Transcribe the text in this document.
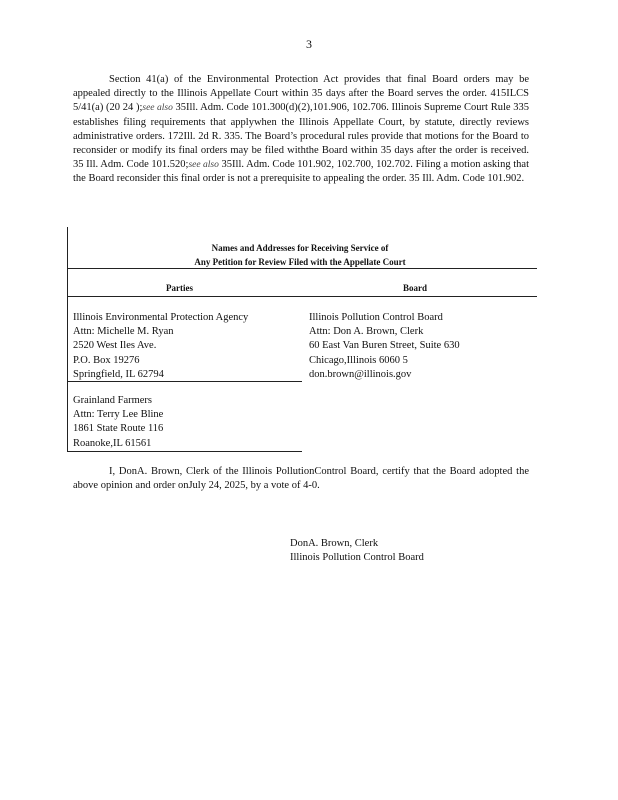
3
Section 41(a) of the Environmental Protection Act provides that final Board orders may be appealed directly to the Illinois Appellate Court within 35 days after the Board serves the order. 415ILCS 5/41(a) (20 24 );see also 35Ill. Adm. Code 101.300(d)(2),101.906, 102.706. Illinois Supreme Court Rule 335 establishes filing requirements that applywhen the Illinois Appellate Court, by statute, directly reviews administrative orders. 172Ill. 2d R. 335. The Board’s procedural rules provide that motions for the Board to reconsider or modify its final orders may be filed withthe Board within 35 days after the order is received. 35 Ill. Adm. Code 101.520;see also 35Ill. Adm. Code 101.902, 102.700, 102.702. Filing a motion asking that the Board reconsider this final order is not a prerequisite to appealing the order. 35 Ill. Adm. Code 101.902.
Names and Addresses for Receiving Service of
Any Petition for Review Filed with the Appellate Court
Parties	Board
Illinois Environmental Protection Agency
Attn: Michelle M. Ryan
2520 West Iles Ave.
P.O. Box 19276
Springfield, IL 62794
Illinois Pollution Control Board
Attn: Don A. Brown, Clerk
60 East Van Buren Street, Suite 630
Chicago,Illinois 6060 5
don.brown@illinois.gov
Grainland Farmers
Attn: Terry Lee Bline
1861 State Route 116
Roanoke,IL 61561
I, DonA. Brown, Clerk of the Illinois PollutionControl Board, certify that the Board adopted the above opinion and order onJuly 24, 2025, by a vote of 4-0.
DonA. Brown, Clerk
Illinois Pollution Control Board
